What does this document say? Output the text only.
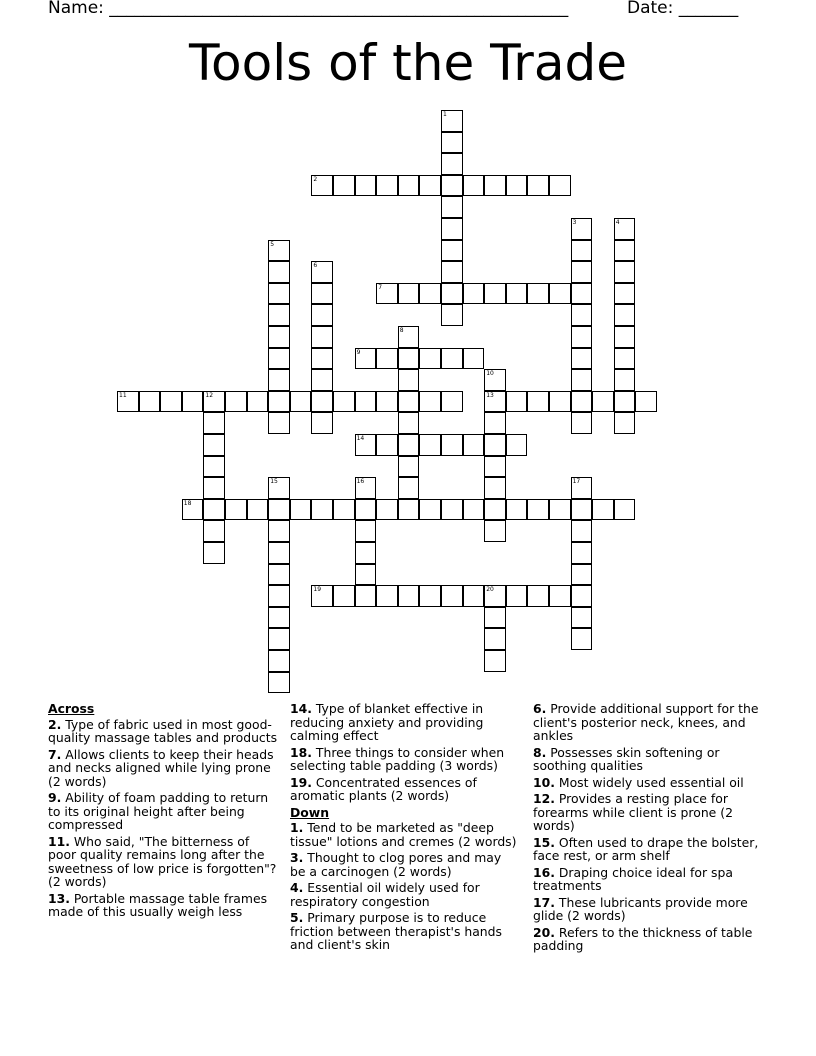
Name: ______________________________________________________	Date: _______
Tools of the Trade
1
2
3	4
5
6
7
8
9
10
13
11	12
14
15	16	17
18
19	20
Across
2. Type of fabric used in most good-quality massage tables and products
7. Allows clients to keep their heads and necks aligned while lying prone (2 words)
9. Ability of foam padding to return to its original height after being compressed
11. Who said, "The bitterness of poor quality remains long after the sweetness of low price is forgotten"? (2 words)
13. Portable massage table frames made of this usually weigh less
14. Type of blanket effective in reducing anxiety and providing calming effect
18. Three things to consider when selecting table padding (3 words)
19. Concentrated essences of aromatic plants (2 words)
Down
1. Tend to be marketed as "deep tissue" lotions and cremes (2 words)
3. Thought to clog pores and may be a carcinogen (2 words)
4. Essential oil widely used for respiratory congestion
5. Primary purpose is to reduce friction between therapist's hands and client's skin
6. Provide additional support for the client's posterior neck, knees, and ankles
8. Possesses skin softening or soothing qualities
10. Most widely used essential oil
12. Provides a resting place for forearms while client is prone (2 words)
15. Often used to drape the bolster, face rest, or arm shelf
16. Draping choice ideal for spa treatments
17. These lubricants provide more glide (2 words)
20. Refers to the thickness of table padding
